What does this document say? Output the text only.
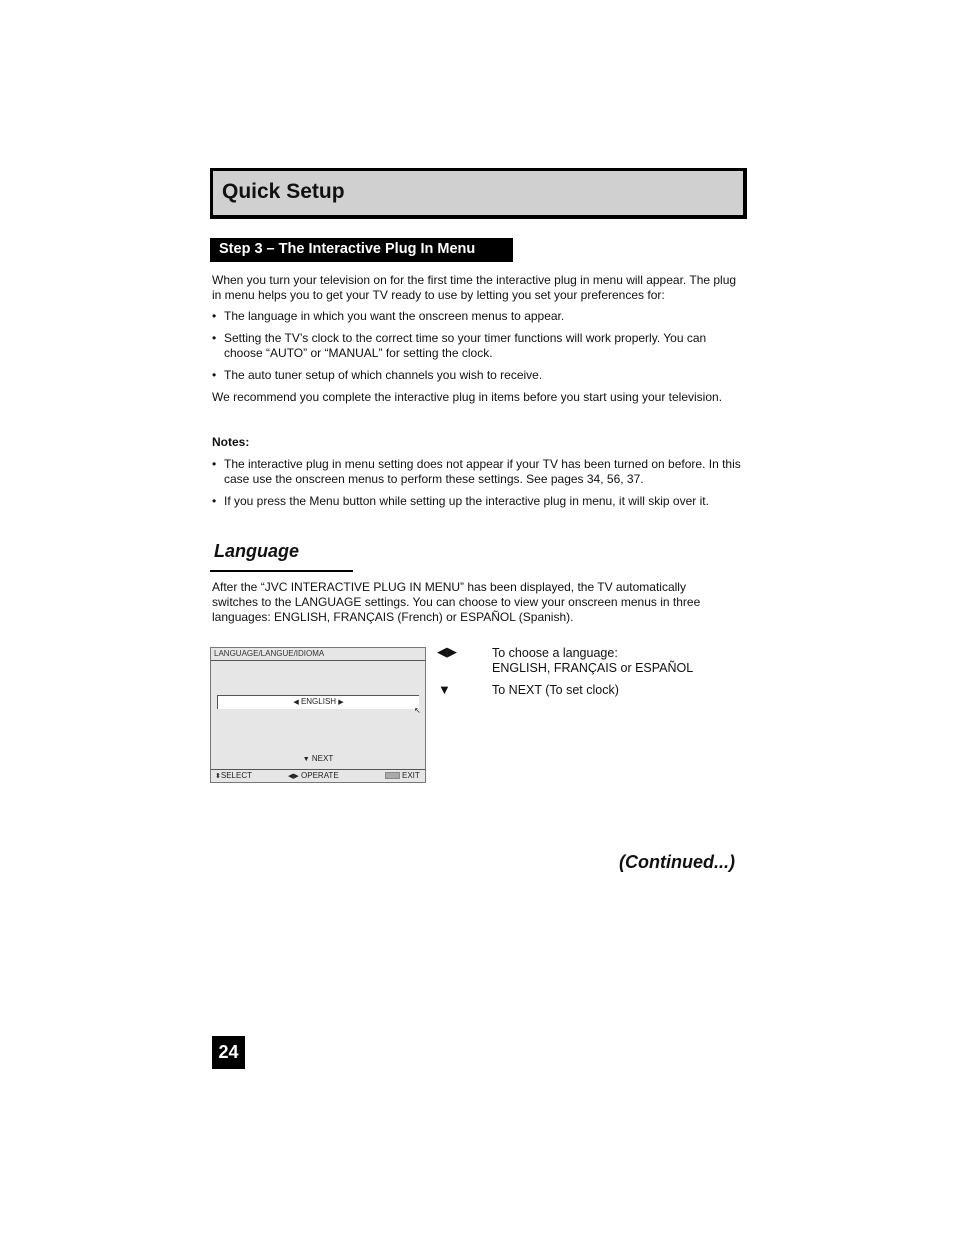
Quick Setup
Step 3 – The Interactive Plug In Menu
When you turn your television on for the first time the interactive plug in menu will appear. The plug in menu helps you to get your TV ready to use by letting you set your preferences for:
• The language in which you want the onscreen menus to appear.
• Setting the TV’s clock to the correct time so your timer functions will work properly. You can choose “AUTO” or “MANUAL” for setting the clock.
• The auto tuner setup of which channels you wish to receive.
We recommend you complete the interactive plug in items before you start using your television.
Notes:
• The interactive plug in menu setting does not appear if your TV has been turned on before. In this case use the onscreen menus to perform these settings. See pages 34, 56, 37.
• If you press the Menu button while setting up the interactive plug in menu, it will skip over it.
Language
After the “JVC INTERACTIVE PLUG IN MENU” has been displayed, the TV automatically switches to the LANGUAGE settings. You can choose to view your onscreen menus in three languages: ENGLISH, FRANÇAIS (French) or ESPAÑOL (Spanish).
LANGUAGE/LANGUE/IDIOMA
◀ ENGLISH ▶
↖
▼ NEXT
⬍SELECT	◀▶ OPERATE	EXIT
◀▶	To choose a language:
ENGLISH, FRANÇAIS or ESPAÑOL
▼	To NEXT (To set clock)
(Continued...)
24
